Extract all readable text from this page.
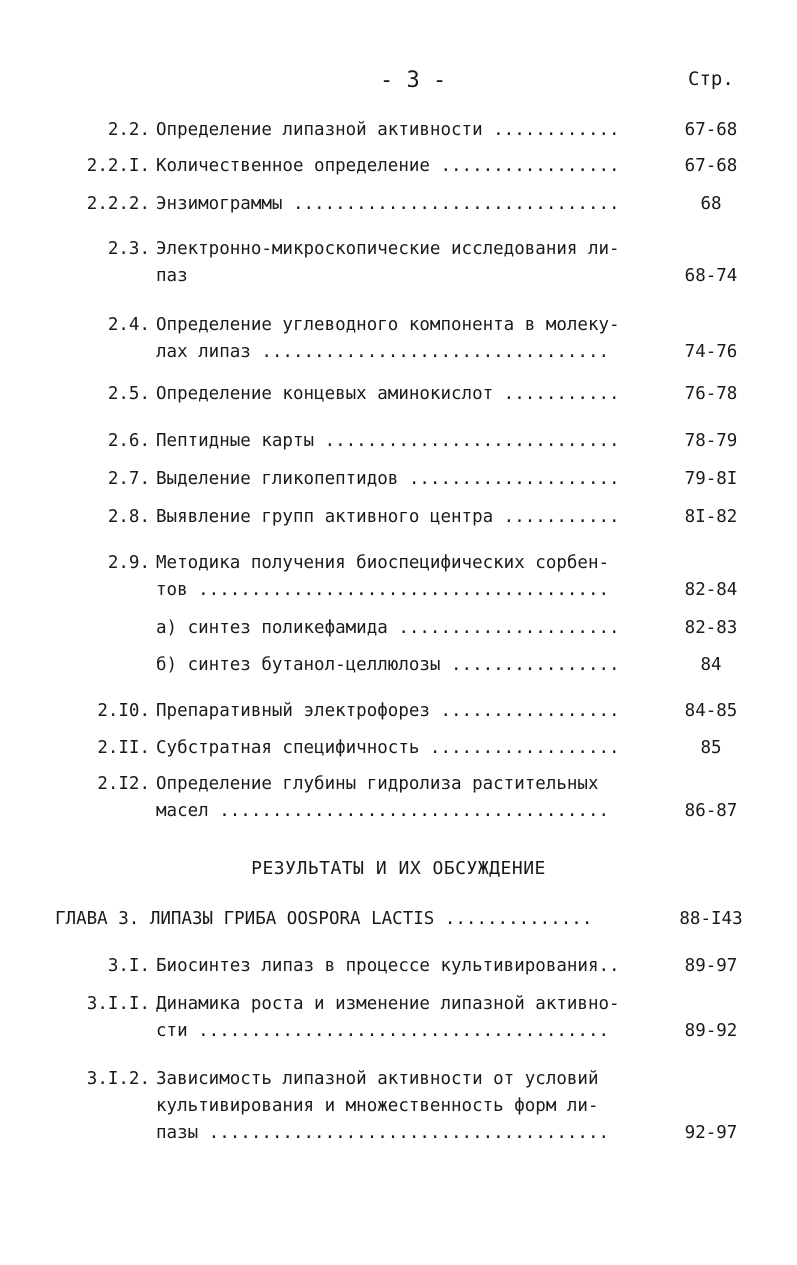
- 3 -	Стр.
2.2. Определение липазной активности ............	67-68
2.2.I. Количественное определение .................	67-68
2.2.2. Энзимограммы ...............................	68
2.3. Электронно-микроскопические исследования ли-
паз	68-74
2.4. Определение углеводного компонента в молеку-
лах липаз .................................	74-76
2.5. Определение концевых аминокислот ...........	76-78
2.6. Пептидные карты ............................	78-79
2.7. Выделение гликопептидов ....................	79-8I
2.8. Выявление групп активного центра ...........	8I-82
2.9. Методика получения биоспецифических сорбен-
тов .......................................	82-84
а) синтез поликефамида .....................	82-83
б) синтез бутанол-целлюлозы ................	84
2.I0. Препаративный электрофорез .................	84-85
2.II. Субстратная специфичность ..................	85
2.I2. Определение глубины гидролиза растительных
масел .....................................	86-87
РЕЗУЛЬТАТЫ И ИХ ОБСУЖДЕНИЕ
ГЛАВА 3. ЛИПАЗЫ ГРИБА OOSPORA LACTIS ..............	88-I43
3.I. Биосинтез липаз в процессе культивирования..	89-97
3.I.I. Динамика роста и изменение липазной активно-
сти .......................................	89-92
3.I.2. Зависимость липазной активности от условий
культивирования и множественность форм ли-
пазы ......................................	92-97
